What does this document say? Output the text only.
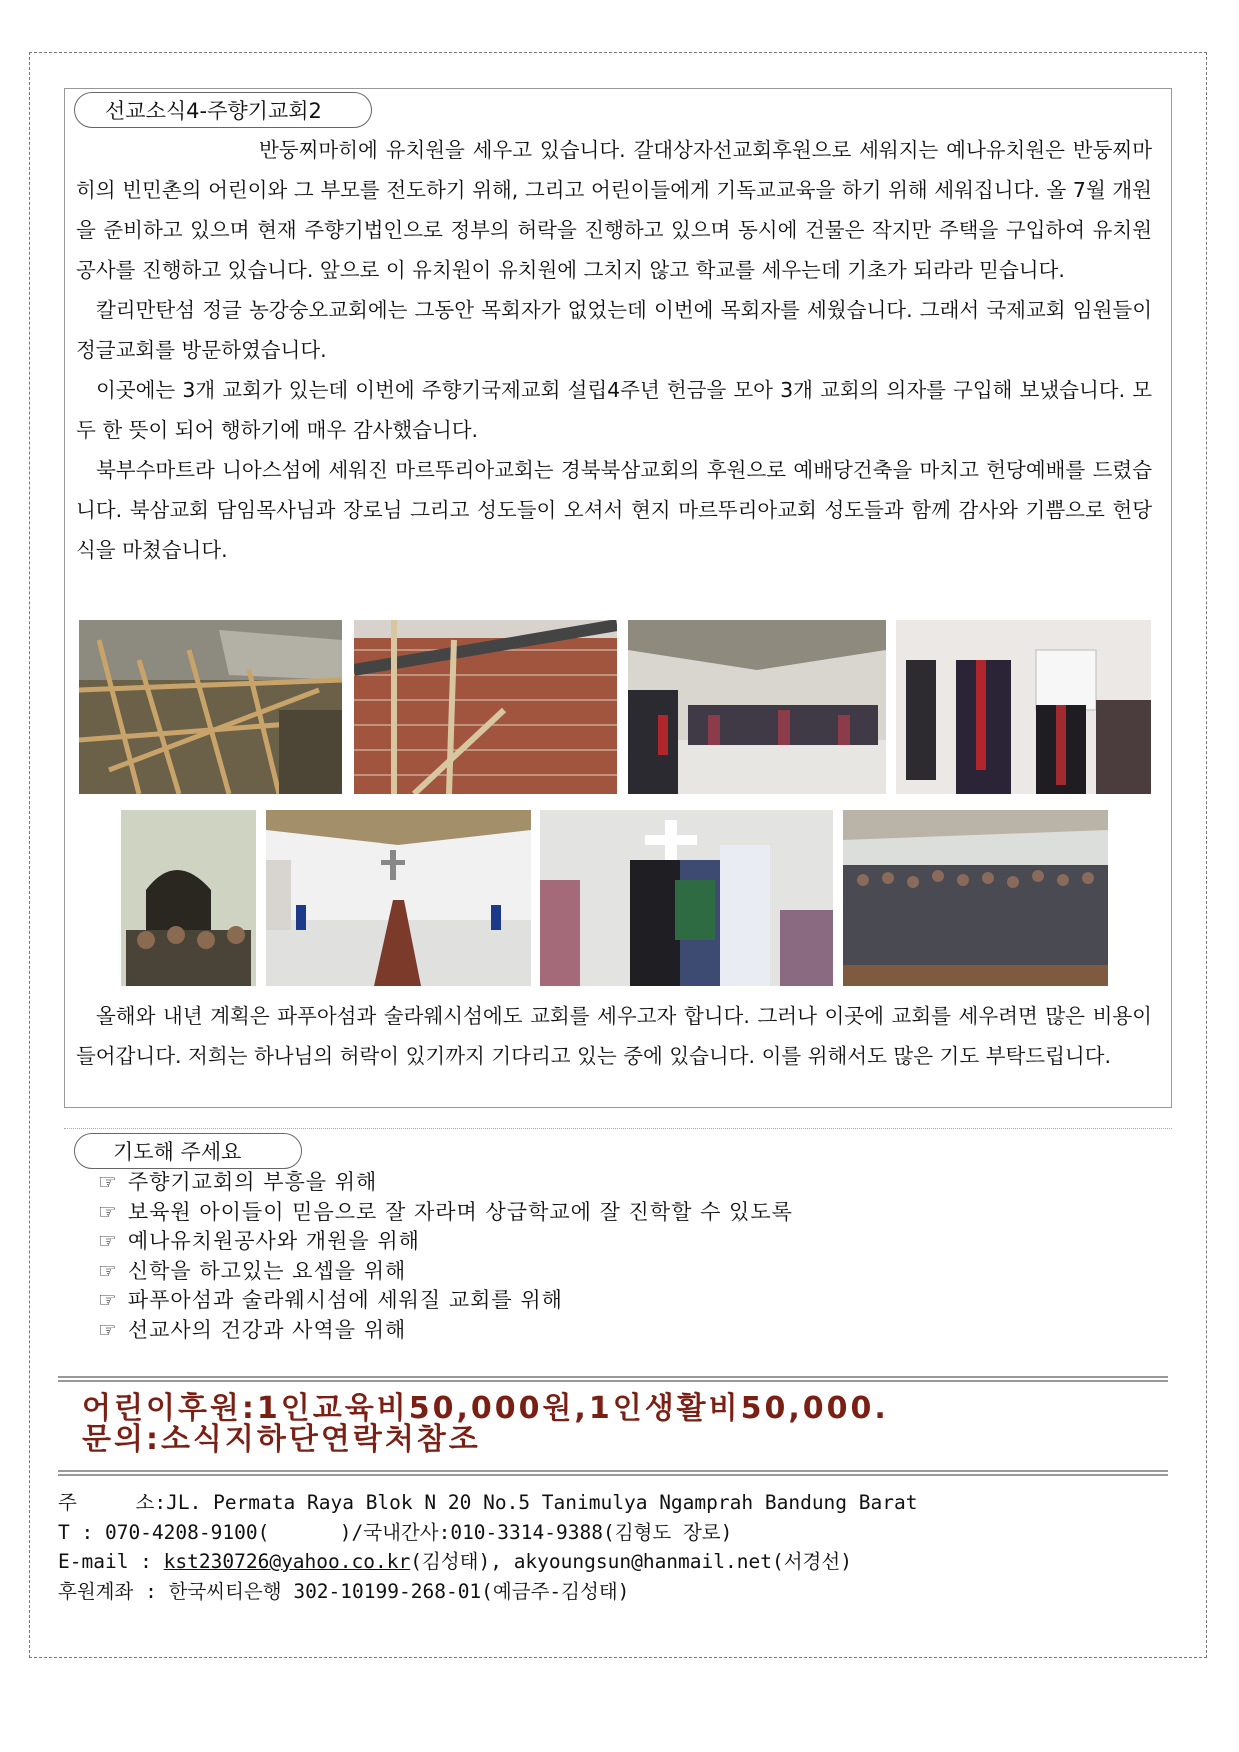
선교소식4-주향기교회2

반둥찌마히에 유치원을 세우고 있습니다. 갈대상자선교회후원으로 세워지는 예나유치원은 반둥찌마히의 빈민촌의 어린이와 그 부모를 전도하기 위해, 그리고 어린이들에게 기독교교육을 하기 위해 세워집니다. 올 7월 개원을 준비하고 있으며 현재 주향기법인으로 정부의 허락을 진행하고 있으며 동시에 건물은 작지만 주택을 구입하여 유치원공사를 진행하고 있습니다. 앞으로 이 유치원이 유치원에 그치지 않고 학교를 세우는데 기초가 되라라 믿습니다.

칼리만탄섬 정글 농강숭오교회에는 그동안 목회자가 없었는데 이번에 목회자를 세웠습니다. 그래서 국제교회 임원들이 정글교회를 방문하였습니다.

이곳에는 3개 교회가 있는데 이번에 주향기국제교회 설립4주년 헌금을 모아 3개 교회의 의자를 구입해 보냈습니다. 모두 한 뜻이 되어 행하기에 매우 감사했습니다.

북부수마트라 니아스섬에 세워진 마르뚜리아교회는 경북북삼교회의 후원으로 예배당건축을 마치고 헌당예배를 드렸습니다. 북삼교회 담임목사님과 장로님 그리고 성도들이 오셔서 현지 마르뚜리아교회 성도들과 함께 감사와 기쁨으로 헌당식을 마쳤습니다.

올해와 내년 계획은 파푸아섬과 술라웨시섬에도 교회를 세우고자 합니다. 그러나 이곳에 교회를 세우려면 많은 비용이 들어갑니다. 저희는 하나님의 허락이 있기까지 기다리고 있는 중에 있습니다. 이를 위해서도 많은 기도 부탁드립니다.

기도해 주세요
☞ 주향기교회의 부흥을 위해
☞ 보육원 아이들이 믿음으로 잘 자라며 상급학교에 잘 진학할 수 있도록
☞ 예나유치원공사와 개원을 위해
☞ 신학을 하고있는 요셉을 위해
☞ 파푸아섬과 술라웨시섬에 세워질 교회를 위해
☞ 선교사의 건강과 사역을 위해
어린이후원:1인교육비50,000원,1인생활비50,000.
문의:소식지하단연락처참조
주     소:JL. Permata Raya Blok N 20 No.5 Tanimulya Ngamprah Bandung Barat
T : 070-4208-9100(      )/국내간사:010-3314-9388(김형도 장로)
E-mail : kst230726@yahoo.co.kr(김성태), akyoungsun@hanmail.net(서경선)
후원계좌 : 한국씨티은행 302-10199-268-01(예금주-김성태)
